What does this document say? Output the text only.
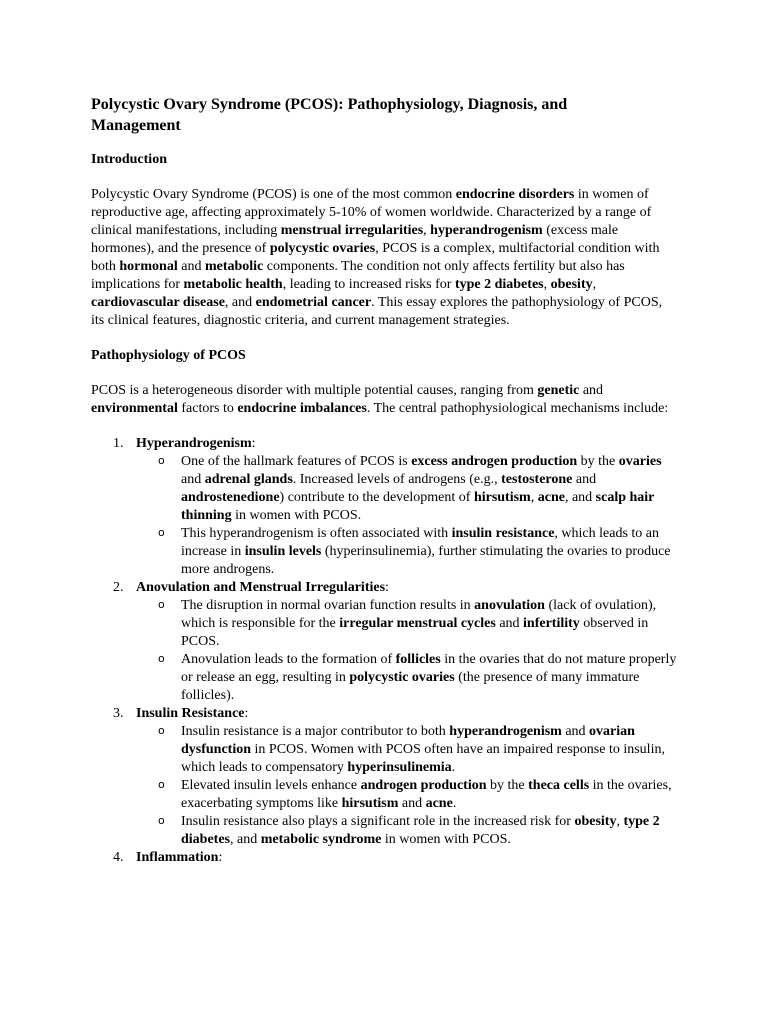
Polycystic Ovary Syndrome (PCOS): Pathophysiology, Diagnosis, and Management
Introduction

Polycystic Ovary Syndrome (PCOS) is one of the most common endocrine disorders in women of reproductive age, affecting approximately 5-10% of women worldwide. Characterized by a range of clinical manifestations, including menstrual irregularities, hyperandrogenism (excess male hormones), and the presence of polycystic ovaries, PCOS is a complex, multifactorial condition with both hormonal and metabolic components. The condition not only affects fertility but also has implications for metabolic health, leading to increased risks for type 2 diabetes, obesity, cardiovascular disease, and endometrial cancer. This essay explores the pathophysiology of PCOS, its clinical features, diagnostic criteria, and current management strategies.

Pathophysiology of PCOS

PCOS is a heterogeneous disorder with multiple potential causes, ranging from genetic and environmental factors to endocrine imbalances. The central pathophysiological mechanisms include:

1. Hyperandrogenism:
o One of the hallmark features of PCOS is excess androgen production by the ovaries and adrenal glands. Increased levels of androgens (e.g., testosterone and androstenedione) contribute to the development of hirsutism, acne, and scalp hair thinning in women with PCOS.
o This hyperandrogenism is often associated with insulin resistance, which leads to an increase in insulin levels (hyperinsulinemia), further stimulating the ovaries to produce more androgens.
2. Anovulation and Menstrual Irregularities:
o The disruption in normal ovarian function results in anovulation (lack of ovulation), which is responsible for the irregular menstrual cycles and infertility observed in PCOS.
o Anovulation leads to the formation of follicles in the ovaries that do not mature properly or release an egg, resulting in polycystic ovaries (the presence of many immature follicles).
3. Insulin Resistance:
o Insulin resistance is a major contributor to both hyperandrogenism and ovarian dysfunction in PCOS. Women with PCOS often have an impaired response to insulin, which leads to compensatory hyperinsulinemia.
o Elevated insulin levels enhance androgen production by the theca cells in the ovaries, exacerbating symptoms like hirsutism and acne.
o Insulin resistance also plays a significant role in the increased risk for obesity, type 2 diabetes, and metabolic syndrome in women with PCOS.
4. Inflammation:
